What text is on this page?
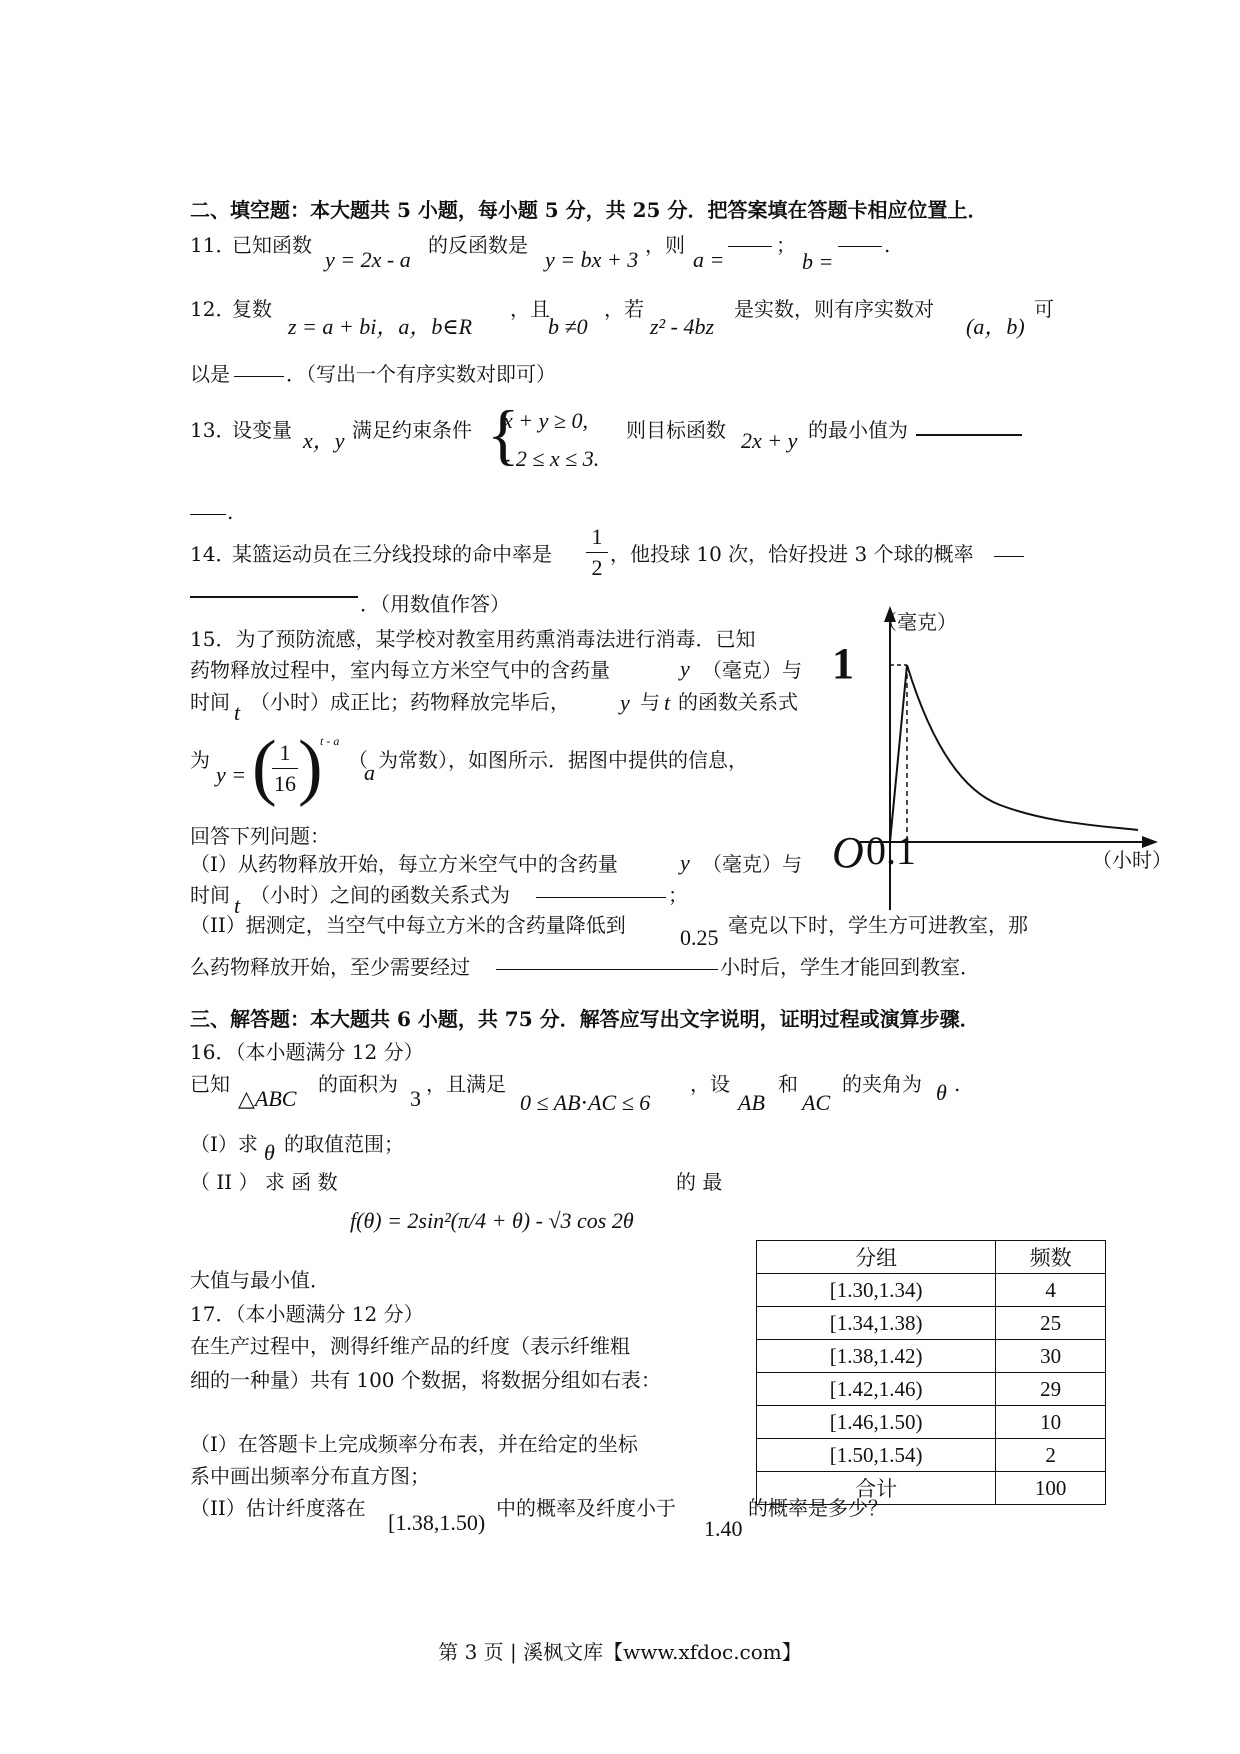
二、填空题：本大题共 5 小题，每小题 5 分，共 25 分．把答案填在答题卡相应位置上．
11．
已知函数
y = 2x - a
的反函数是
y = bx + 3
，则
a =
；
b =
.
12．
复数
z = a + bi，a，b∈R
，且
b ≠0
，若
z² - 4bz
是实数，则有序实数对
(a，b)
可
以是	．（写出一个有序实数对即可）
13．
设变量 x，y 满足约束条件 {
x + y ≥ 0,
- 2 ≤ x ≤ 3.
则目标函数 2x + y 的最小值为
.
14．
某篮运动员在三分线投球的命中率是
1
2
，他投球 10 次，恰好投进 3 个球的概率
．（用数值作答）
15．为了预防流感，某学校对教室用药熏消毒法进行消毒．已知
药物释放过程中，室内每立方米空气中的含药量	y （毫克）与
时间 t （小时）成正比；药物释放完毕后， y 与 t 的函数关系式
为
y = ( 1
16 )
t - a
（
a 为常数），如图所示．据图中提供的信息，
回答下列问题：
（I）从药物释放开始，每立方米空气中的含药量	y （毫克）与
时间 t （小时）之间的函数关系式为	；
（II）据测定，当空气中每立方米的含药量降低到 0.25 毫克以下时，学生方可进教室，那
么药物释放开始，至少需要经过	小时后，学生才能回到教室．
（毫克）
（小时）
1
O 0.1
三、解答题：本大题共 6 小题，共 75 分．解答应写出文字说明，证明过程或演算步骤．
16．（本小题满分 12 分）
已知
△ABC
的面积为
3
，且满足
0 ≤ AB⋅AC ≤ 6
，设
AB
和
AC
的夹角为 θ .
（I）求 θ 的取值范围；
（ II ） 求 函 数
f(θ) = 2sin²(π/4 + θ) - √3 cos 2θ
的 最
大值与最小值．
17．（本小题满分 12 分）
在生产过程中，测得纤维产品的纤度（表示纤维粗
细的一种量）共有 100 个数据，将数据分组如右表：
（I）在答题卡上完成频率分布表，并在给定的坐标
系中画出频率分布直方图；
（II）估计纤度落在
[1.38,1.50)
中的概率及纤度小于
1.40
的概率是多少？
分组	频数
[1.30,1.34)	4
[1.34,1.38)	25
[1.38,1.42)	30
[1.42,1.46)	29
[1.46,1.50)	10
[1.50,1.54)	2
合计	100
第 3 页 | 溪枫文库【www.xfdoc.com】
